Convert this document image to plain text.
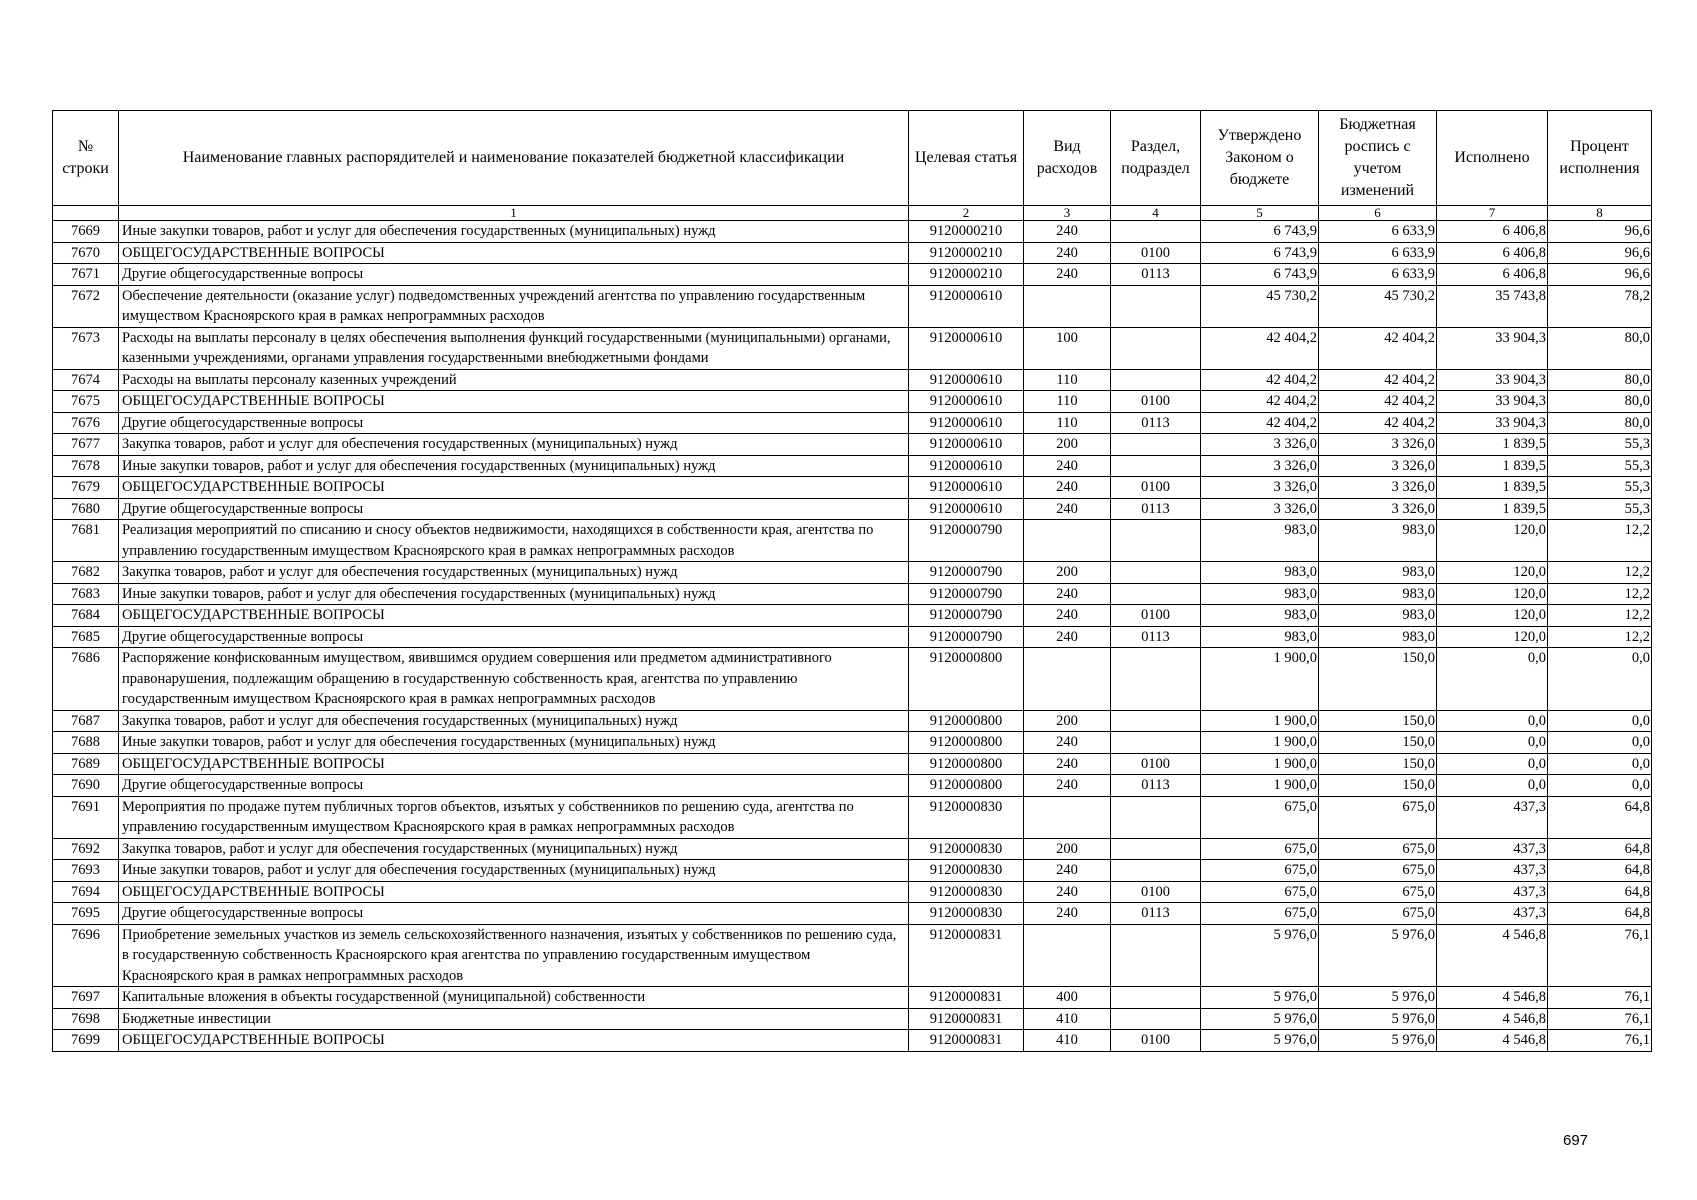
№ строки	Наименование главных распорядителей и наименование показателей бюджетной классификации	Целевая статья	Вид расходов	Раздел, подраздел	Утверждено Законом о бюджете	Бюджетная роспись с учетом изменений	Исполнено	Процент исполнения
	1	2	3	4	5	6	7	8
7669	Иные закупки товаров, работ и услуг для обеспечения государственных (муниципальных) нужд	9120000210	240		6 743,9	6 633,9	6 406,8	96,6
7670	ОБЩЕГОСУДАРСТВЕННЫЕ ВОПРОСЫ	9120000210	240	0100	6 743,9	6 633,9	6 406,8	96,6
7671	Другие общегосударственные вопросы	9120000210	240	0113	6 743,9	6 633,9	6 406,8	96,6
7672	Обеспечение деятельности (оказание услуг) подведомственных учреждений агентства по управлению государственным имуществом Красноярского края в рамках непрограммных расходов	9120000610			45 730,2	45 730,2	35 743,8	78,2
7673	Расходы на выплаты персоналу в целях обеспечения выполнения функций государственными (муниципальными) органами, казенными учреждениями, органами управления государственными внебюджетными фондами	9120000610	100		42 404,2	42 404,2	33 904,3	80,0
7674	Расходы на выплаты персоналу казенных учреждений	9120000610	110		42 404,2	42 404,2	33 904,3	80,0
7675	ОБЩЕГОСУДАРСТВЕННЫЕ ВОПРОСЫ	9120000610	110	0100	42 404,2	42 404,2	33 904,3	80,0
7676	Другие общегосударственные вопросы	9120000610	110	0113	42 404,2	42 404,2	33 904,3	80,0
7677	Закупка товаров, работ и услуг для обеспечения государственных (муниципальных) нужд	9120000610	200		3 326,0	3 326,0	1 839,5	55,3
7678	Иные закупки товаров, работ и услуг для обеспечения государственных (муниципальных) нужд	9120000610	240		3 326,0	3 326,0	1 839,5	55,3
7679	ОБЩЕГОСУДАРСТВЕННЫЕ ВОПРОСЫ	9120000610	240	0100	3 326,0	3 326,0	1 839,5	55,3
7680	Другие общегосударственные вопросы	9120000610	240	0113	3 326,0	3 326,0	1 839,5	55,3
7681	Реализация мероприятий по списанию и сносу объектов недвижимости, находящихся в собственности края, агентства по управлению государственным имуществом Красноярского края в рамках непрограммных расходов	9120000790			983,0	983,0	120,0	12,2
7682	Закупка товаров, работ и услуг для обеспечения государственных (муниципальных) нужд	9120000790	200		983,0	983,0	120,0	12,2
7683	Иные закупки товаров, работ и услуг для обеспечения государственных (муниципальных) нужд	9120000790	240		983,0	983,0	120,0	12,2
7684	ОБЩЕГОСУДАРСТВЕННЫЕ ВОПРОСЫ	9120000790	240	0100	983,0	983,0	120,0	12,2
7685	Другие общегосударственные вопросы	9120000790	240	0113	983,0	983,0	120,0	12,2
7686	Распоряжение конфискованным имуществом, явившимся орудием совершения или предметом административного правонарушения, подлежащим обращению в государственную собственность края, агентства по управлению государственным имуществом Красноярского края в рамках непрограммных расходов	9120000800			1 900,0	150,0	0,0	0,0
7687	Закупка товаров, работ и услуг для обеспечения государственных (муниципальных) нужд	9120000800	200		1 900,0	150,0	0,0	0,0
7688	Иные закупки товаров, работ и услуг для обеспечения государственных (муниципальных) нужд	9120000800	240		1 900,0	150,0	0,0	0,0
7689	ОБЩЕГОСУДАРСТВЕННЫЕ ВОПРОСЫ	9120000800	240	0100	1 900,0	150,0	0,0	0,0
7690	Другие общегосударственные вопросы	9120000800	240	0113	1 900,0	150,0	0,0	0,0
7691	Мероприятия по продаже путем публичных торгов объектов, изъятых у собственников по решению суда, агентства по управлению государственным имуществом Красноярского края в рамках непрограммных расходов	9120000830			675,0	675,0	437,3	64,8
7692	Закупка товаров, работ и услуг для обеспечения государственных (муниципальных) нужд	9120000830	200		675,0	675,0	437,3	64,8
7693	Иные закупки товаров, работ и услуг для обеспечения государственных (муниципальных) нужд	9120000830	240		675,0	675,0	437,3	64,8
7694	ОБЩЕГОСУДАРСТВЕННЫЕ ВОПРОСЫ	9120000830	240	0100	675,0	675,0	437,3	64,8
7695	Другие общегосударственные вопросы	9120000830	240	0113	675,0	675,0	437,3	64,8
7696	Приобретение земельных участков из земель сельскохозяйственного назначения, изъятых у собственников по решению суда, в государственную собственность Красноярского края агентства по управлению государственным имуществом Красноярского края в рамках непрограммных расходов	9120000831			5 976,0	5 976,0	4 546,8	76,1
7697	Капитальные вложения в объекты государственной (муниципальной) собственности	9120000831	400		5 976,0	5 976,0	4 546,8	76,1
7698	Бюджетные инвестиции	9120000831	410		5 976,0	5 976,0	4 546,8	76,1
7699	ОБЩЕГОСУДАРСТВЕННЫЕ ВОПРОСЫ	9120000831	410	0100	5 976,0	5 976,0	4 546,8	76,1
697
